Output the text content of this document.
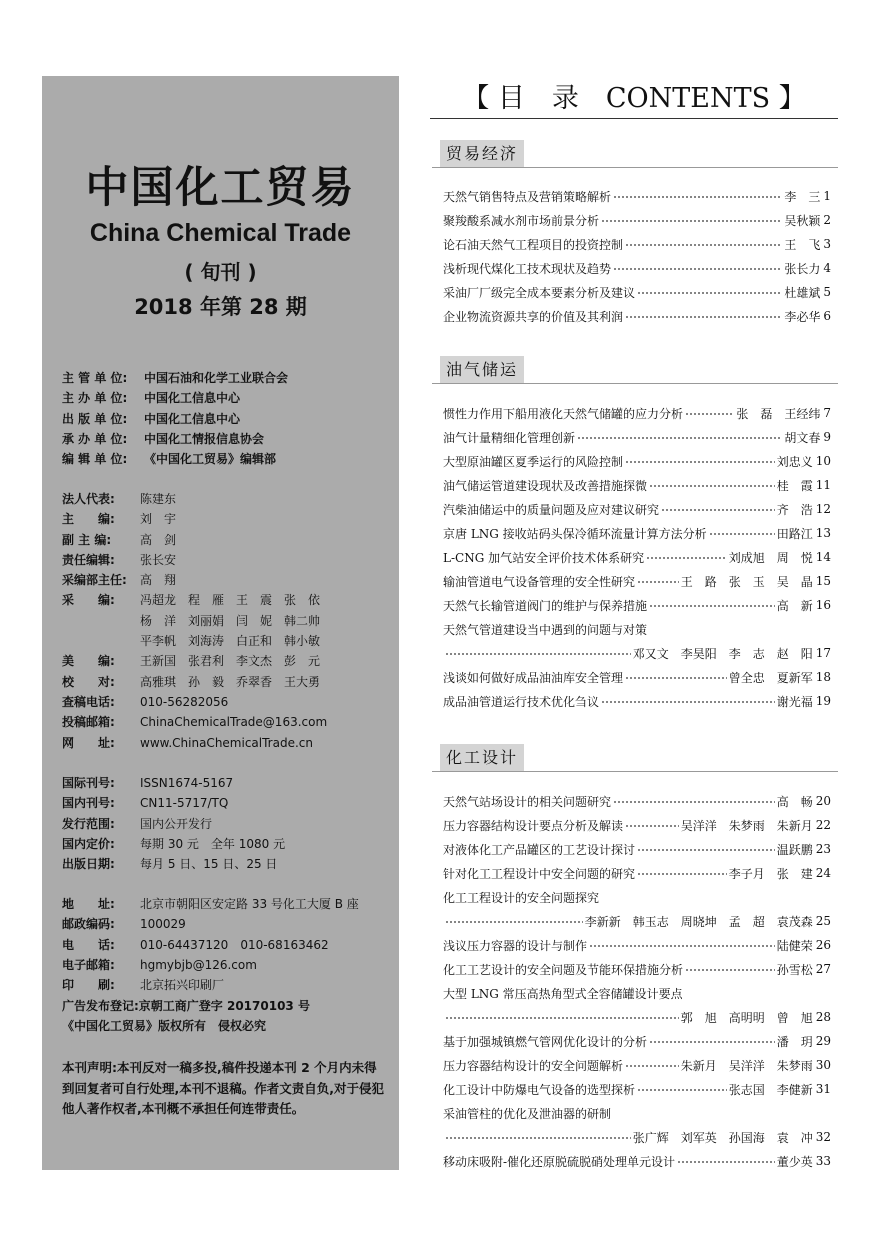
中国化工贸易
China Chemical Trade
( 旬刊 )
2018 年第 28 期
主 管 单 位:	中国石油和化学工业联合会
主 办 单 位:	中国化工信息中心
出 版 单 位:	中国化工信息中心
承 办 单 位:	中国化工情报信息协会
编 辑 单 位:	《中国化工贸易》编辑部
法人代表:	陈建东
主　　编:	刘　宇
副 主 编:	高　剑
责任编辑:	张长安
采编部主任:	高　翔
采　　编:	冯超龙　程　雁　王　震　张　依
杨　洋　刘丽娟　闫　妮　韩二帅
平李帆　刘海涛　白正和　韩小敏
美　　编:	王新国　张君利　李文杰　彭　元
校　　对:	高雅琪　孙　毅　乔翠香　王大勇
查稿电话:	010-56282056
投稿邮箱:	ChinaChemicalTrade@163.com
网　　址:	www.ChinaChemicalTrade.cn
国际刊号:	ISSN1674-5167
国内刊号:	CN11-5717/TQ
发行范围:	国内公开发行
国内定价:	每期 30 元　全年 1080 元
出版日期:	每月 5 日、15 日、25 日
地　　址:	北京市朝阳区安定路 33 号化工大厦 B 座
邮政编码:	100029
电　　话:	010-64437120　010-68163462
电子邮箱:	hgmybjb@126.com
印　　刷:	北京拓兴印刷厂
广告发布登记:京朝工商广登字 20170103 号
《中国化工贸易》版权所有　侵权必究
本刊声明:本刊反对一稿多投,稿件投递本刊 2 个月内未得到回复者可自行处理,本刊不退稿。作者文责自负,对于侵犯他人著作权者,本刊概不承担任何连带责任。
【 目　录　CONTENTS 】
贸易经济
天然气销售特点及营销策略解析	李　三 1
聚羧酸系减水剂市场前景分析	吴秋颖 2
论石油天然气工程项目的投资控制	王　飞 3
浅析现代煤化工技术现状及趋势	张长力 4
采油厂厂级完全成本要素分析及建议	杜雄斌 5
企业物流资源共享的价值及其利润	李必华 6
油气储运
惯性力作用下船用液化天然气储罐的应力分析	张　磊　王经纬 7
油气计量精细化管理创新	胡文春 9
大型原油罐区夏季运行的风险控制	刘忠义 10
油气储运管道建设现状及改善措施探微	桂　霞 11
汽柴油储运中的质量问题及应对建议研究	齐　浩 12
京唐 LNG 接收站码头保冷循环流量计算方法分析	田路江 13
L-CNG 加气站安全评价技术体系研究	刘成旭　周　悦 14
输油管道电气设备管理的安全性研究	王　路　张　玉　吴　晶 15
天然气长输管道阀门的维护与保养措施	高　新 16
天然气管道建设当中遇到的问题与对策
邓又文　李昊阳　李　志　赵　阳 17
浅谈如何做好成品油油库安全管理	曾全忠　夏新军 18
成品油管道运行技术优化刍议	谢光福 19
化工设计
天然气站场设计的相关问题研究	高　畅 20
压力容器结构设计要点分析及解读	吴洋洋　朱梦雨　朱新月 22
对液体化工产品罐区的工艺设计探讨	温跃鹏 23
针对化工工程设计中安全问题的研究	李子月　张　建 24
化工工程设计的安全问题探究
李新新　韩玉志　周晓坤　孟　超　袁茂森 25
浅议压力容器的设计与制作	陆健荣 26
化工工艺设计的安全问题及节能环保措施分析	孙雪松 27
大型 LNG 常压高热角型式全容储罐设计要点
郭　旭　高明明　曾　旭 28
基于加强城镇燃气管网优化设计的分析	潘　玥 29
压力容器结构设计的安全问题解析	朱新月　吴洋洋　朱梦雨 30
化工设计中防爆电气设备的选型探析	张志国　李健新 31
采油管柱的优化及泄油器的研制
张广辉　刘军英　孙国海　袁　冲 32
移动床吸附-催化还原脱硫脱硝处理单元设计	董少英 33
